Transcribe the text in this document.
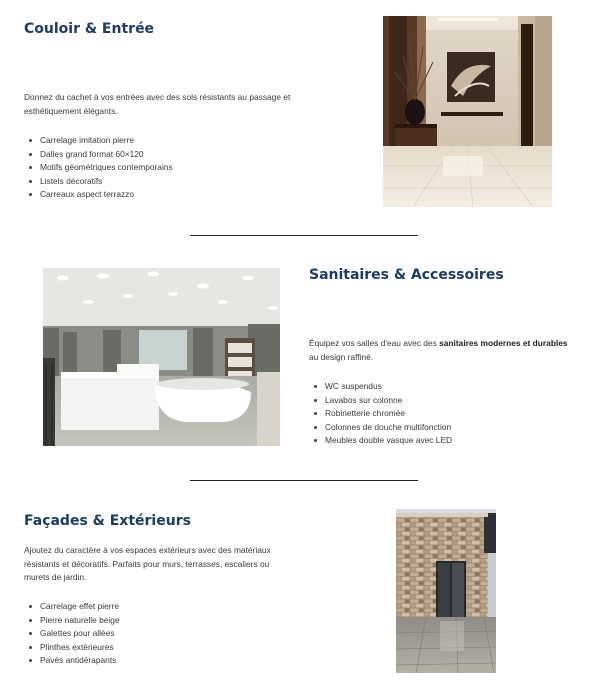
Couloir & Entrée

Donnez du cachet à vos entrées avec des sols résistants au passage et esthétiquement élégants.

Carrelage imitation pierre
Dalles grand format 60×120
Motifs géométriques contemporains
Listels décoratifs
Carreaux aspect terrazzo
Sanitaires & Accessoires

Équipez vos salles d'eau avec des sanitaires modernes et durables au design raffiné.

WC suspendus
Lavabos sur colonne
Robinetterie chromée
Colonnes de douche multifonction
Meubles double vasque avec LED
Façades & Extérieurs

Ajoutez du caractère à vos espaces extérieurs avec des matériaux résistants et décoratifs. Parfaits pour murs, terrasses, escaliers ou murets de jardin.

Carrelage effet pierre
Pierre naturelle beige
Galettes pour allées
Plinthes extérieures
Pavés antidérapants
